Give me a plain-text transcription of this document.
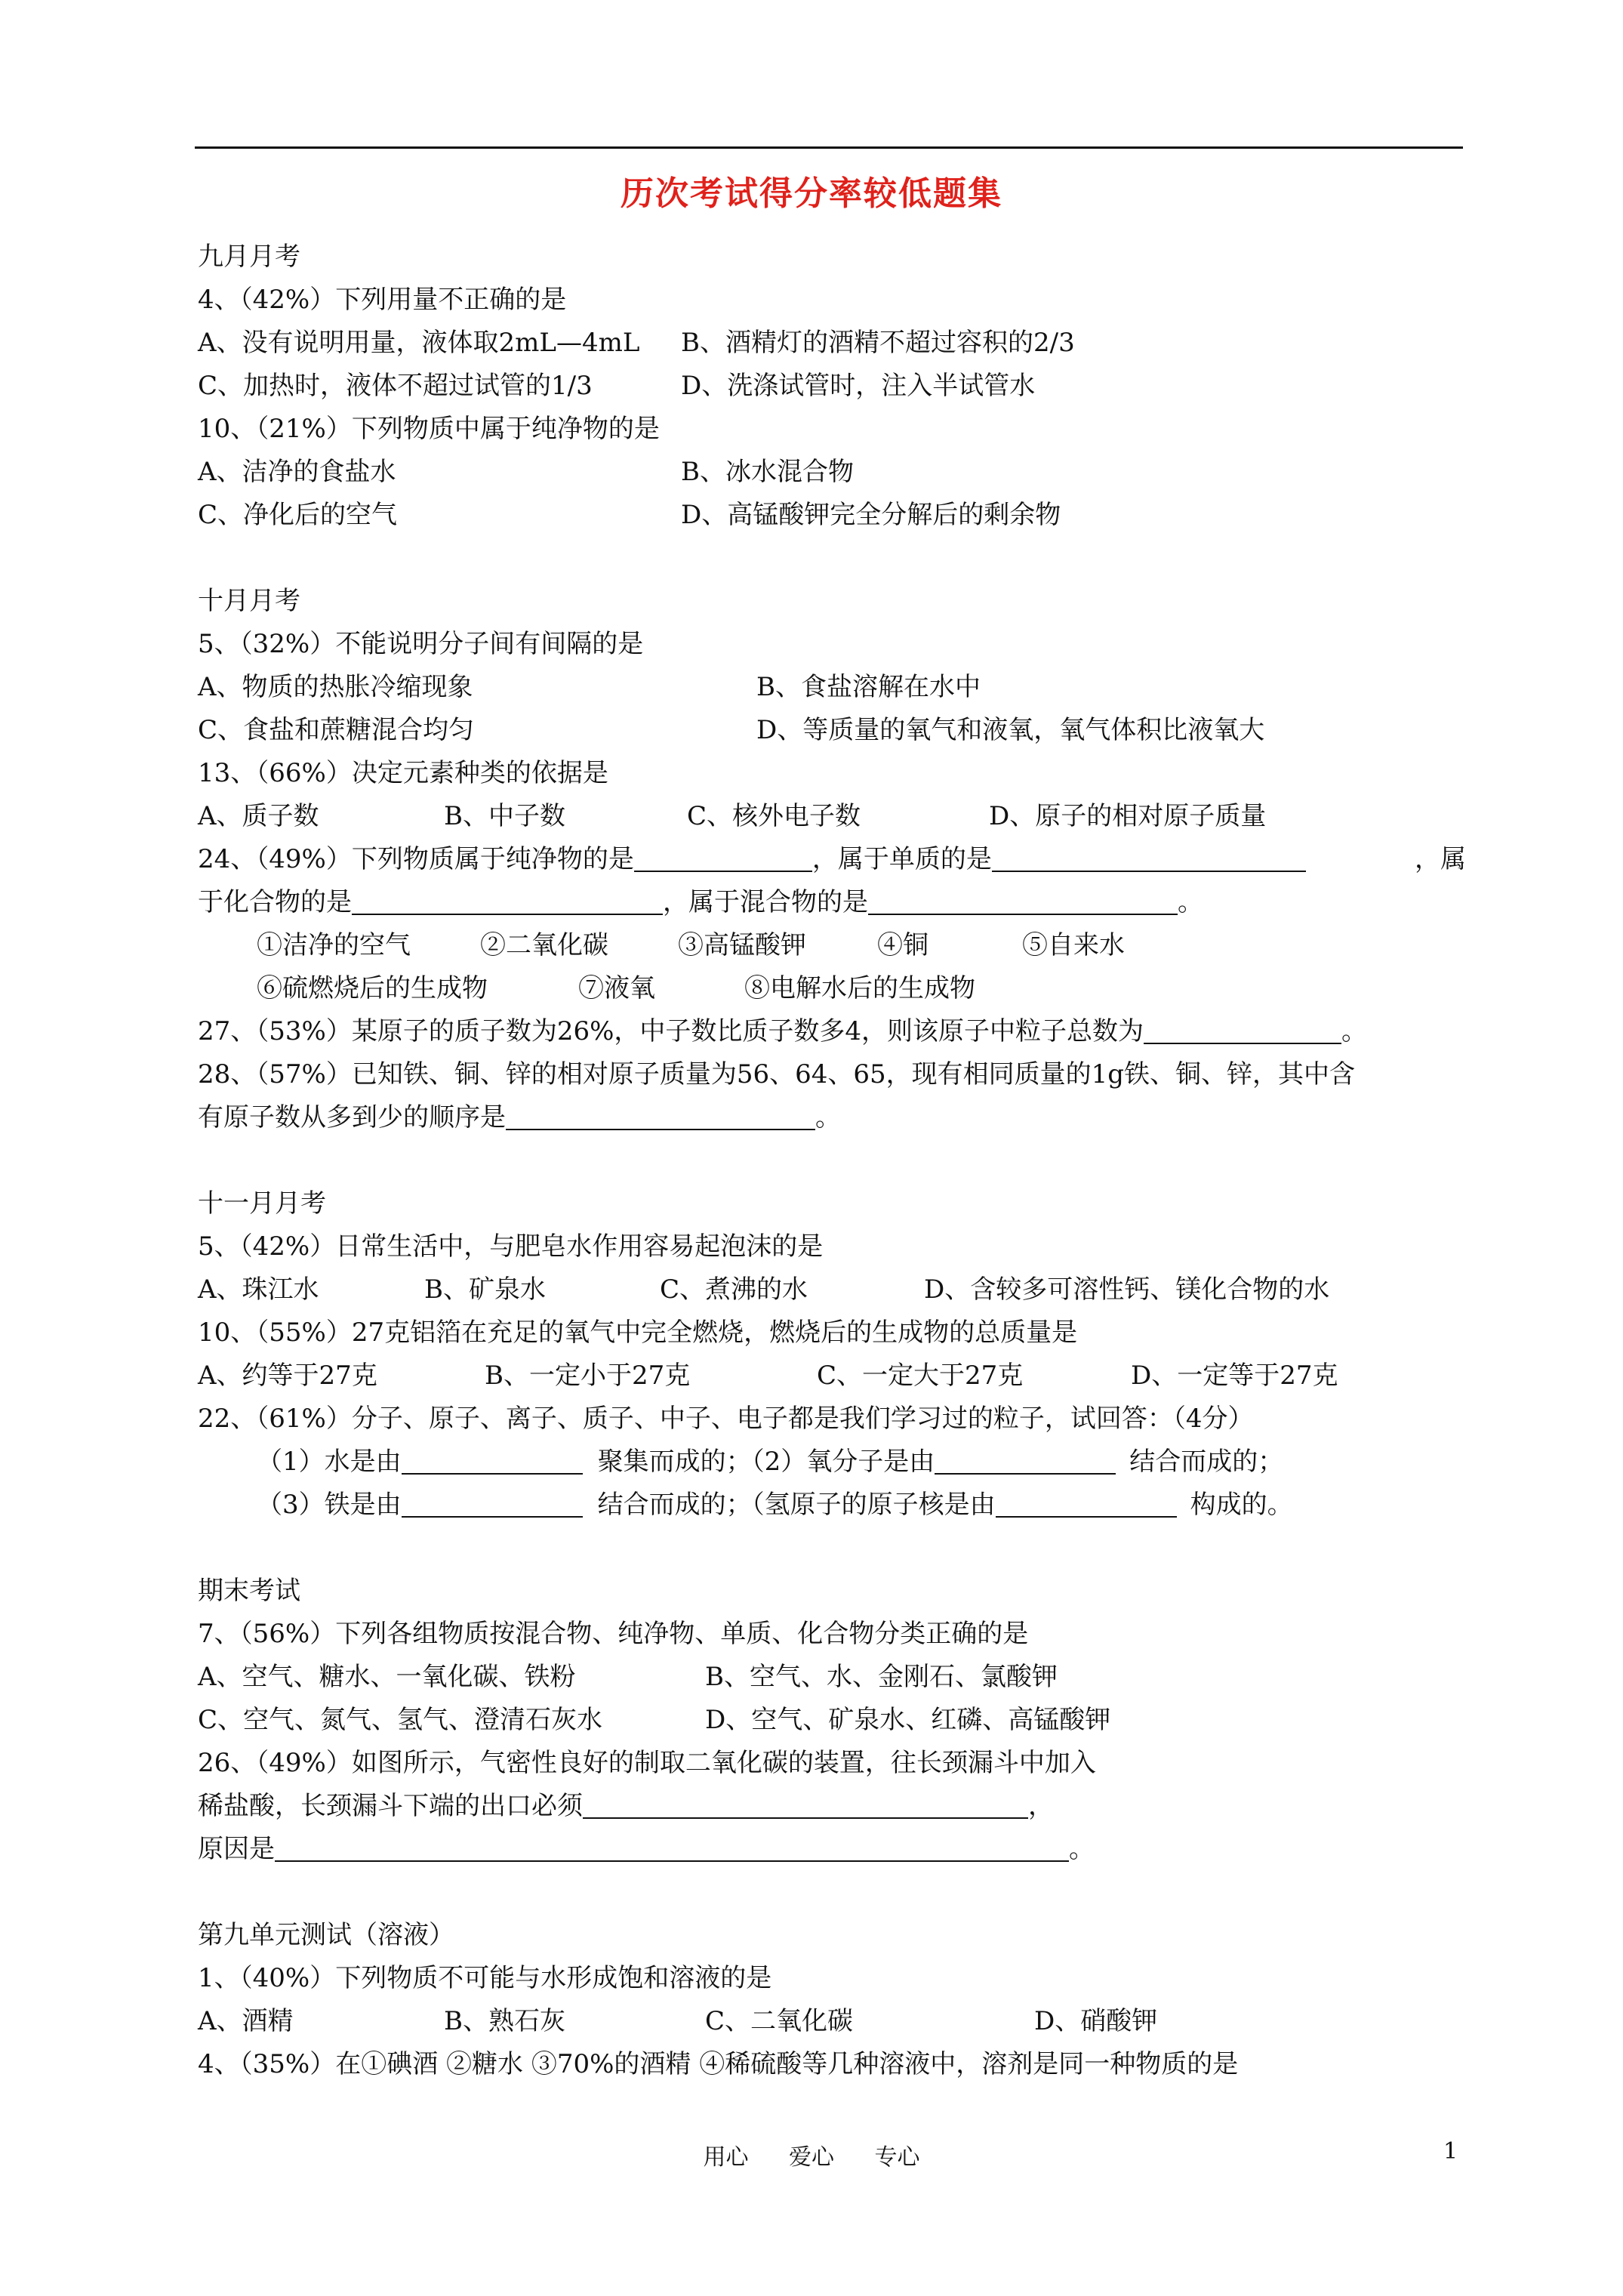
历次考试得分率较低题集
九月月考
4、（42%）下列用量不正确的是
A、没有说明用量，液体取2mL—4mL B、酒精灯的酒精不超过容积的2/3
C、加热时，液体不超过试管的1/3	D、洗涤试管时，注入半试管水
10、（21%）下列物质中属于纯净物的是
A、洁净的食盐水	B、冰水混合物
C、净化后的空气	D、高锰酸钾完全分解后的剩余物
十月月考
5、（32%）不能说明分子间有间隔的是
A、物质的热胀冷缩现象	B、食盐溶解在水中
C、食盐和蔗糖混合均匀	D、等质量的氧气和液氧，氧气体积比液氧大
13、（66%）决定元素种类的依据是
A、质子数	B、中子数	C、核外电子数	D、原子的相对原子质量
24、（49%）下列物质属于纯净物的是	，属于单质的是	，属
于化合物的是	，属于混合物的是	。
①洁净的空气	②二氧化碳	③高锰酸钾	④铜	⑤自来水
⑥硫燃烧后的生成物	⑦液氧	⑧电解水后的生成物
27、（53%）某原子的质子数为26%，中子数比质子数多4，则该原子中粒子总数为	。
28、（57%）已知铁、铜、锌的相对原子质量为56、64、65，现有相同质量的1g铁、铜、锌，其中含
有原子数从多到少的顺序是	。
十一月月考
5、（42%）日常生活中，与肥皂水作用容易起泡沫的是
A、珠江水	B、矿泉水	C、煮沸的水	D、含较多可溶性钙、镁化合物的水
10、（55%）27克铝箔在充足的氧气中完全燃烧，燃烧后的生成物的总质量是
A、约等于27克	B、一定小于27克	C、一定大于27克	D、一定等于27克
22、（61%）分子、原子、离子、质子、中子、电子都是我们学习过的粒子，试回答：（4分）
（1）水是由	聚集而成的；（2）氧分子是由	结合而成的；
（3）铁是由	结合而成的；（氢原子的原子核是由	构成的。
期末考试
7、（56%）下列各组物质按混合物、纯净物、单质、化合物分类正确的是
A、空气、糖水、一氧化碳、铁粉	B、空气、水、金刚石、氯酸钾
C、空气、氮气、氢气、澄清石灰水	D、空气、矿泉水、红磷、高锰酸钾
26、（49%）如图所示，气密性良好的制取二氧化碳的装置，往长颈漏斗中加入
稀盐酸，长颈漏斗下端的出口必须	，
原因是	。
第九单元测试（溶液）
1、（40%）下列物质不可能与水形成饱和溶液的是
A、酒精	B、熟石灰	C、二氧化碳	D、硝酸钾
4、（35%）在①碘酒 ②糖水 ③70%的酒精 ④稀硫酸等几种溶液中，溶剂是同一种物质的是
用心 爱心 专心	1
